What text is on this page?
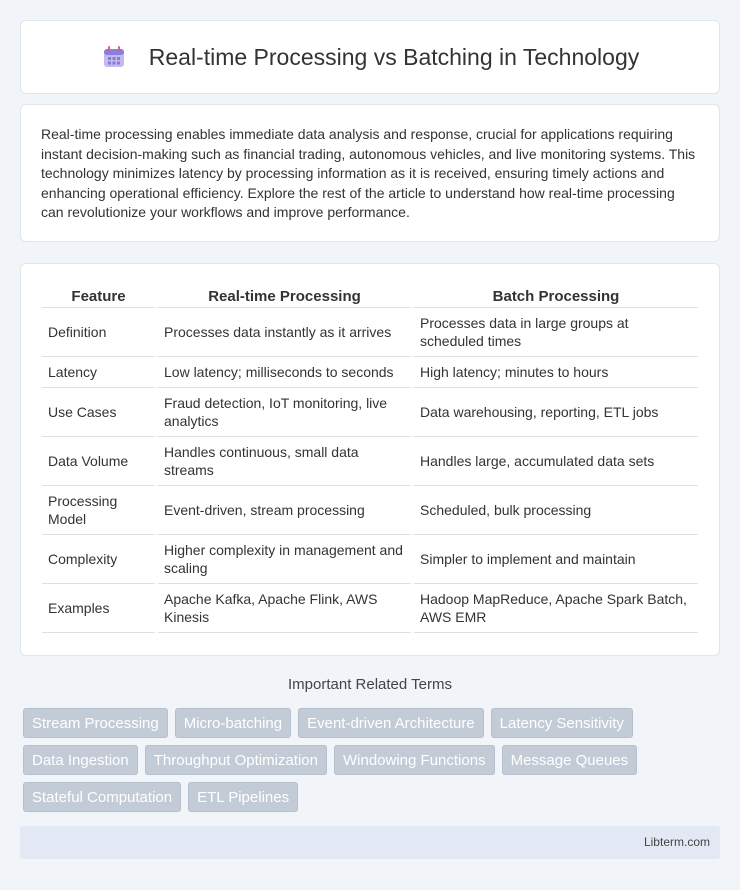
Real-time Processing vs Batching in Technology

Real-time processing enables immediate data analysis and response, crucial for applications requiring instant decision-making such as financial trading, autonomous vehicles, and live monitoring systems. This technology minimizes latency by processing information as it is received, ensuring timely actions and enhancing operational efficiency. Explore the rest of the article to understand how real-time processing can revolutionize your workflows and improve performance.

Feature	Real-time Processing	Batch Processing
Definition	Processes data instantly as it arrives	Processes data in large groups at scheduled times
Latency	Low latency; milliseconds to seconds	High latency; minutes to hours
Use Cases	Fraud detection, IoT monitoring, live analytics	Data warehousing, reporting, ETL jobs
Data Volume	Handles continuous, small data streams	Handles large, accumulated data sets
Processing Model	Event-driven, stream processing	Scheduled, bulk processing
Complexity	Higher complexity in management and scaling	Simpler to implement and maintain
Examples	Apache Kafka, Apache Flink, AWS Kinesis	Hadoop MapReduce, Apache Spark Batch, AWS EMR
Important Related Terms
Stream Processing	Micro-batching	Event-driven Architecture	Latency Sensitivity
Data Ingestion	Throughput Optimization	Windowing Functions	Message Queues
Stateful Computation	ETL Pipelines
Libterm.com
